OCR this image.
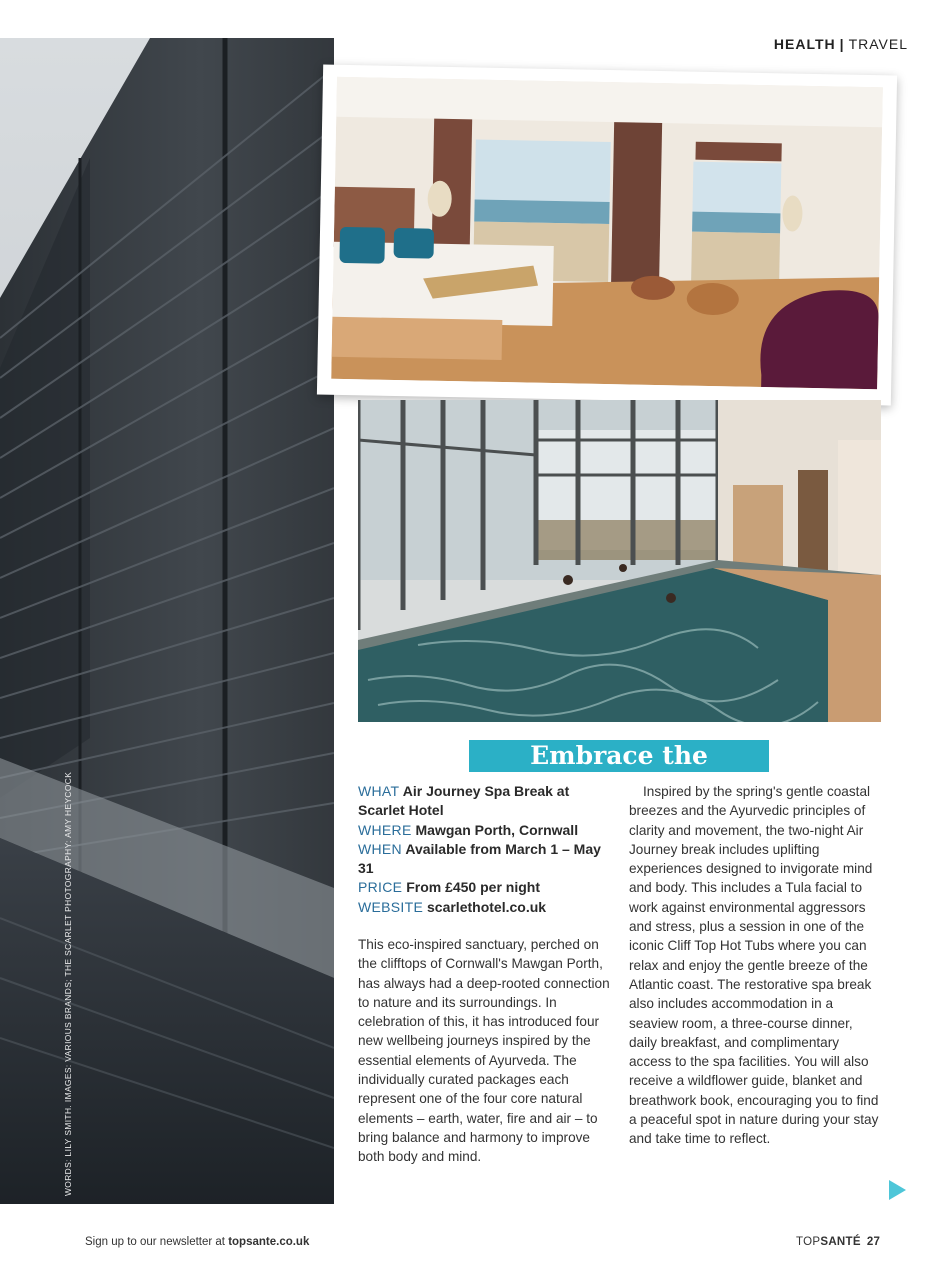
WORDS: LILY SMITH. IMAGES: VARIOUS BRANDS; THE SCARLET PHOTOGRAPHY: AMY HEYCOCK
HEALTH | TRAVEL
Embrace the elements
WHAT Air Journey Spa Break at Scarlet Hotel
WHERE Mawgan Porth, Cornwall
WHEN Available from March 1 – May 31
PRICE From £450 per night
WEBSITE scarlethotel.co.uk
This eco-inspired sanctuary, perched on the clifftops of Cornwall's Mawgan Porth, has always had a deep-rooted connection to nature and its surroundings. In celebration of this, it has introduced four new wellbeing journeys inspired by the essential elements of Ayurveda. The individually curated packages each represent one of the four core natural elements – earth, water, fire and air – to bring balance and harmony to improve both body and mind.
Inspired by the spring's gentle coastal breezes and the Ayurvedic principles of clarity and movement, the two-night Air Journey break includes uplifting experiences designed to invigorate mind and body. This includes a Tula facial to work against environmental aggressors and stress, plus a session in one of the iconic Cliff Top Hot Tubs where you can relax and enjoy the gentle breeze of the Atlantic coast. The restorative spa break also includes accommodation in a seaview room, a three-course dinner, daily breakfast, and complimentary access to the spa facilities. You will also receive a wildflower guide, blanket and breathwork book, encouraging you to find a peaceful spot in nature during your stay and take time to reflect.
Sign up to our newsletter at topsante.co.uk	TOPSANTÉ 27
